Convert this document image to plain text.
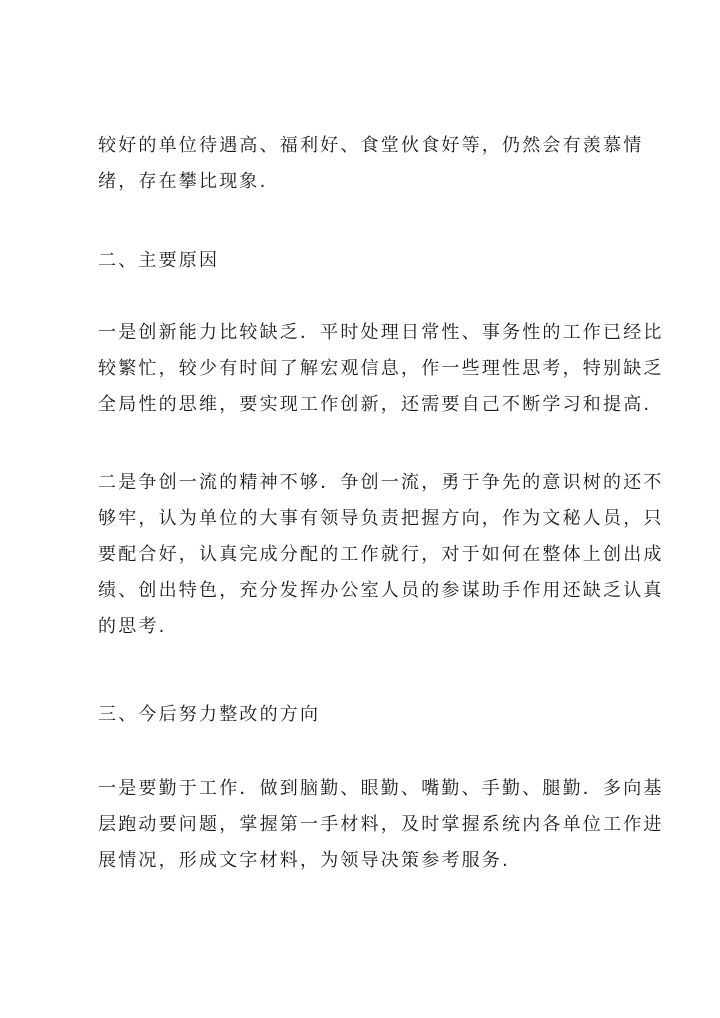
较好的单位待遇高、福利好、食堂伙食好等，仍然会有羡慕情
绪，存在攀比现象.
二、主要原因
一是创新能力比较缺乏．平时处理日常性、事务性的工作已经比
较繁忙，较少有时间了解宏观信息，作一些理性思考，特别缺乏
全局性的思维，要实现工作创新，还需要自己不断学习和提高.
二是争创一流的精神不够．争创一流，勇于争先的意识树的还不
够牢，认为单位的大事有领导负责把握方向，作为文秘人员，只
要配合好，认真完成分配的工作就行，对于如何在整体上创出成
绩、创出特色，充分发挥办公室人员的参谋助手作用还缺乏认真
的思考.
三、今后努力整改的方向
一是要勤于工作．做到脑勤、眼勤、嘴勤、手勤、腿勤．多向基
层跑动要问题，掌握第一手材料，及时掌握系统内各单位工作进
展情况，形成文字材料，为领导决策参考服务.
